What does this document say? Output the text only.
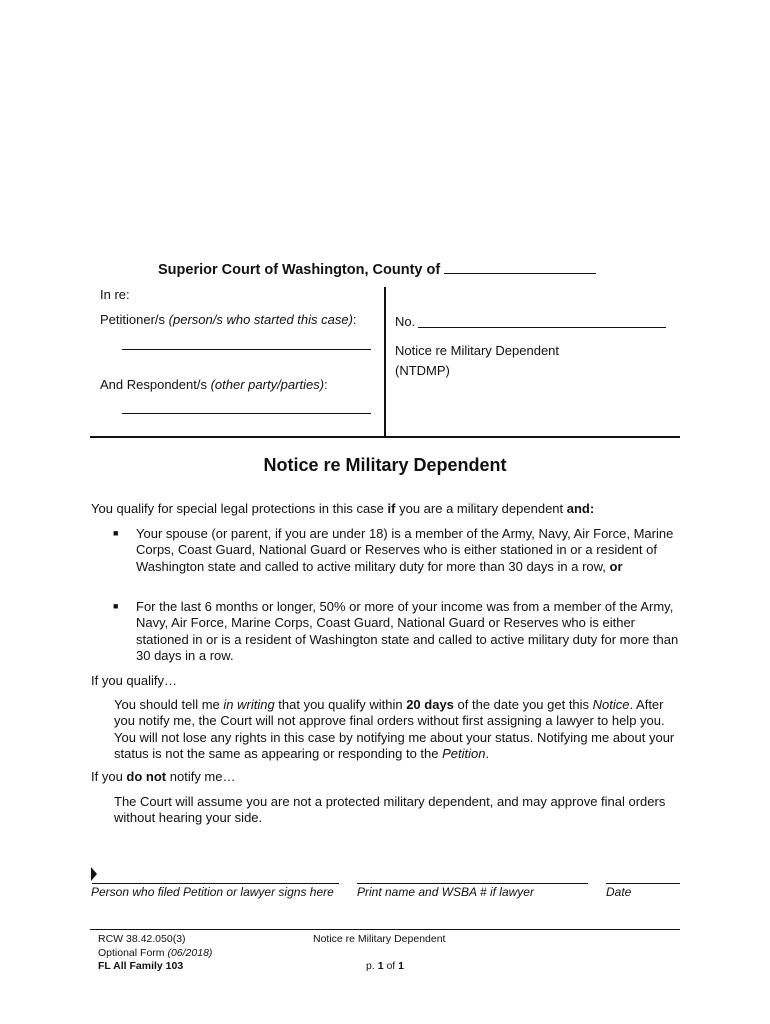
Superior Court of Washington, County of
In re:
Petitioner/s (person/s who started this case):
And Respondent/s (other party/parties):
No.
Notice re Military Dependent
(NTDMP)
Notice re Military Dependent
You qualify for special legal protections in this case if you are a military dependent and:
■ Your spouse (or parent, if you are under 18) is a member of the Army, Navy, Air Force, Marine Corps, Coast Guard, National Guard or Reserves who is either stationed in or a resident of Washington state and called to active military duty for more than 30 days in a row, or
■ For the last 6 months or longer, 50% or more of your income was from a member of the Army, Navy, Air Force, Marine Corps, Coast Guard, National Guard or Reserves who is either stationed in or is a resident of Washington state and called to active military duty for more than 30 days in a row.
If you qualify…
You should tell me in writing that you qualify within 20 days of the date you get this Notice. After you notify me, the Court will not approve final orders without first assigning a lawyer to help you. You will not lose any rights in this case by notifying me about your status. Notifying me about your status is not the same as appearing or responding to the Petition.
If you do not notify me…
The Court will assume you are not a protected military dependent, and may approve final orders without hearing your side.
Person who filed Petition or lawyer signs here Print name and WSBA # if lawyer	Date
RCW 38.42.050(3)
Optional Form (06/2018)
FL All Family 103
Notice re Military Dependent
p. 1 of 1
